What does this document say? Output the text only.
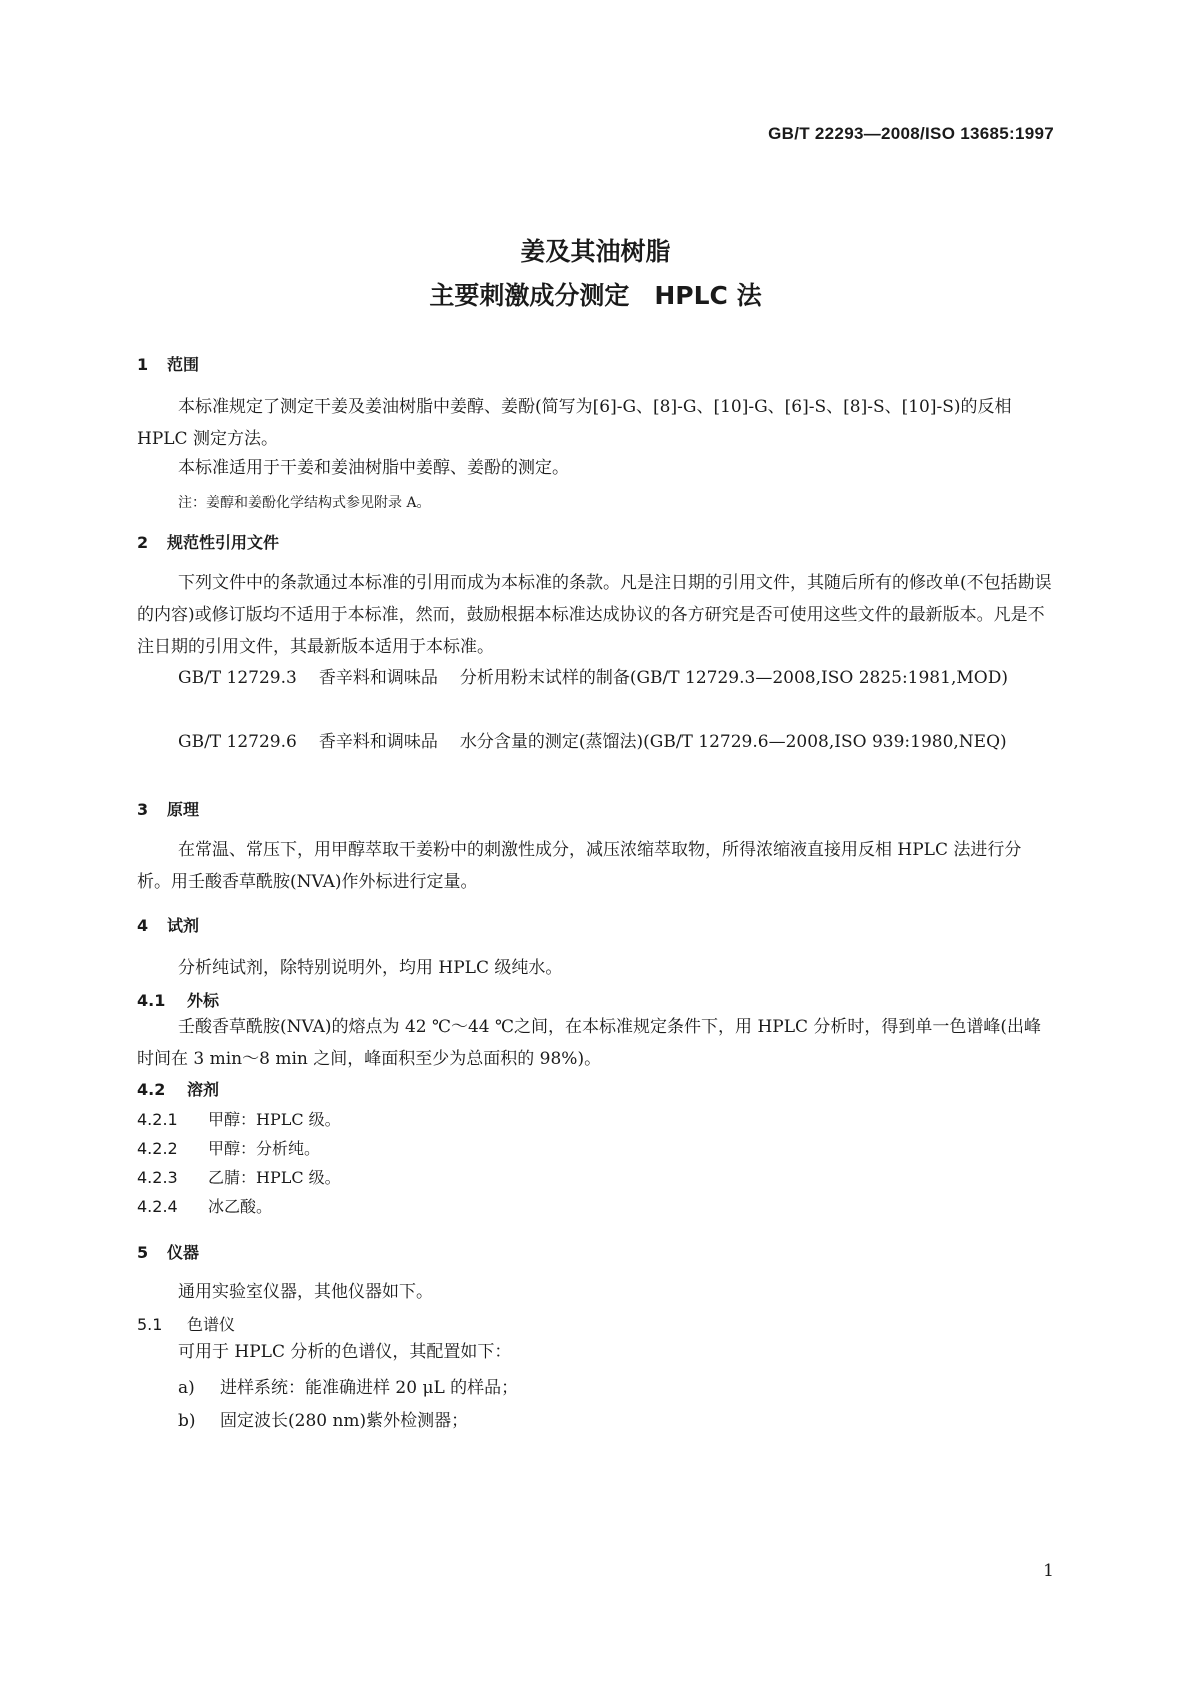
GB/T 22293—2008/ISO 13685:1997
姜及其油树脂
主要刺激成分测定　HPLC 法
1 范围
本标准规定了测定干姜及姜油树脂中姜醇、姜酚(简写为[6]-G、[8]-G、[10]-G、[6]-S、[8]-S、[10]-S)的反相 HPLC 测定方法。
本标准适用于干姜和姜油树脂中姜醇、姜酚的测定。
注：姜醇和姜酚化学结构式参见附录 A。
2 规范性引用文件
下列文件中的条款通过本标准的引用而成为本标准的条款。凡是注日期的引用文件，其随后所有的修改单(不包括勘误的内容)或修订版均不适用于本标准，然而，鼓励根据本标准达成协议的各方研究是否可使用这些文件的最新版本。凡是不注日期的引用文件，其最新版本适用于本标准。
GB/T 12729.3 香辛料和调味品 分析用粉末试样的制备(GB/T 12729.3—2008,ISO 2825:1981,MOD)
GB/T 12729.6 香辛料和调味品 水分含量的测定(蒸馏法)(GB/T 12729.6—2008,ISO 939:1980,NEQ)
3 原理
在常温、常压下，用甲醇萃取干姜粉中的刺激性成分，减压浓缩萃取物，所得浓缩液直接用反相 HPLC 法进行分析。用壬酸香草酰胺(NVA)作外标进行定量。
4 试剂
分析纯试剂，除特别说明外，均用 HPLC 级纯水。
4.1 外标
壬酸香草酰胺(NVA)的熔点为 42 ℃～44 ℃之间，在本标准规定条件下，用 HPLC 分析时，得到单一色谱峰(出峰时间在 3 min～8 min 之间，峰面积至少为总面积的 98%)。
4.2 溶剂
4.2.1 甲醇：HPLC 级。
4.2.2 甲醇：分析纯。
4.2.3 乙腈：HPLC 级。
4.2.4 冰乙酸。
5 仪器
通用实验室仪器，其他仪器如下。
5.1 色谱仪
可用于 HPLC 分析的色谱仪，其配置如下：
a) 进样系统：能准确进样 20 μL 的样品；
b) 固定波长(280 nm)紫外检测器；
1
